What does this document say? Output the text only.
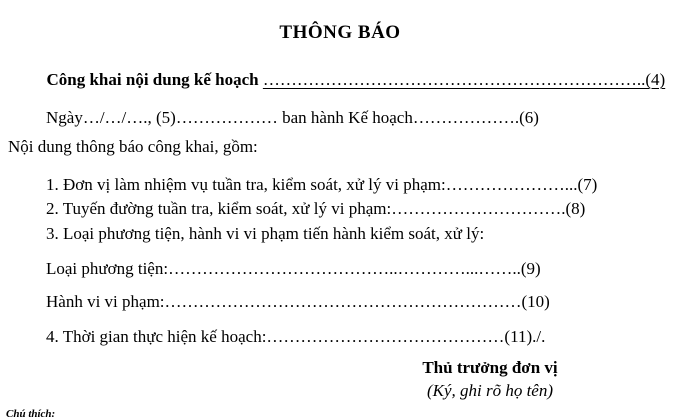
THÔNG BÁO

Công khai nội dung kế hoạch …………………………………………………………..(4)

Ngày…/…/…., (5)……………… ban hành Kế hoạch……………….(6)
Nội dung thông báo công khai, gồm:
1. Đơn vị làm nhiệm vụ tuần tra, kiểm soát, xử lý vi phạm:…………………...(7)
2. Tuyến đường tuần tra, kiểm soát, xử lý vi phạm:………………………….(8)
3. Loại phương tiện, hành vi vi phạm tiến hành kiểm soát, xử lý:
Loại phương tiện:…………………………………..…………...……..(9)
Hành vi vi phạm:………………………………………………………(10)
4. Thời gian thực hiện kế hoạch:……………………………………(11)./.
Thủ trưởng đơn vị
(Ký, ghi rõ họ tên)
Chú thích:
